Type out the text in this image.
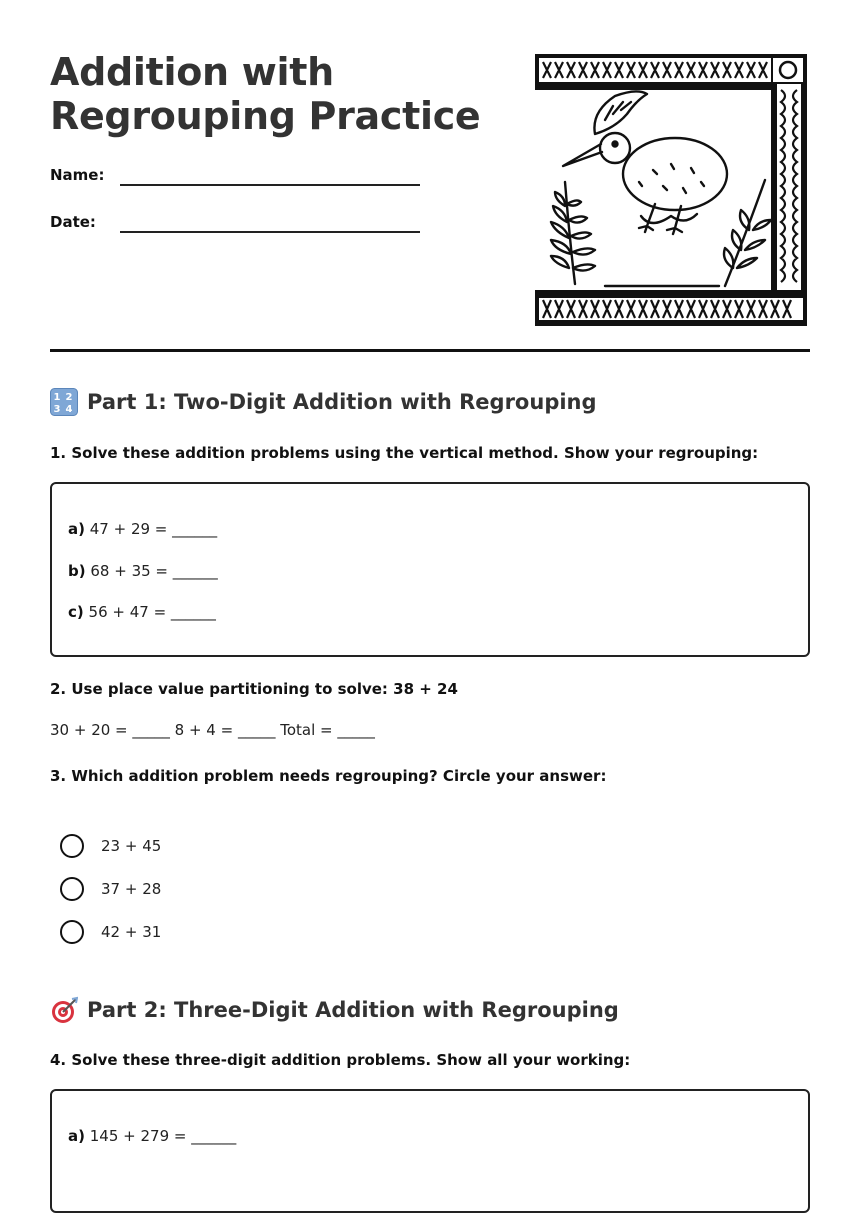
Addition with
Regrouping Practice
Name:
Date:
1 2
3 4 Part 1: Two-Digit Addition with Regrouping
1. Solve these addition problems using the vertical method. Show your regrouping:
a) 47 + 29 = ______
b) 68 + 35 = ______
c) 56 + 47 = ______
2. Use place value partitioning to solve: 38 + 24
30 + 20 = _____ 8 + 4 = _____ Total = _____
3. Which addition problem needs regrouping? Circle your answer:
23 + 45
37 + 28
42 + 31
Part 2: Three-Digit Addition with Regrouping
4. Solve these three-digit addition problems. Show all your working:
a) 145 + 279 = ______
